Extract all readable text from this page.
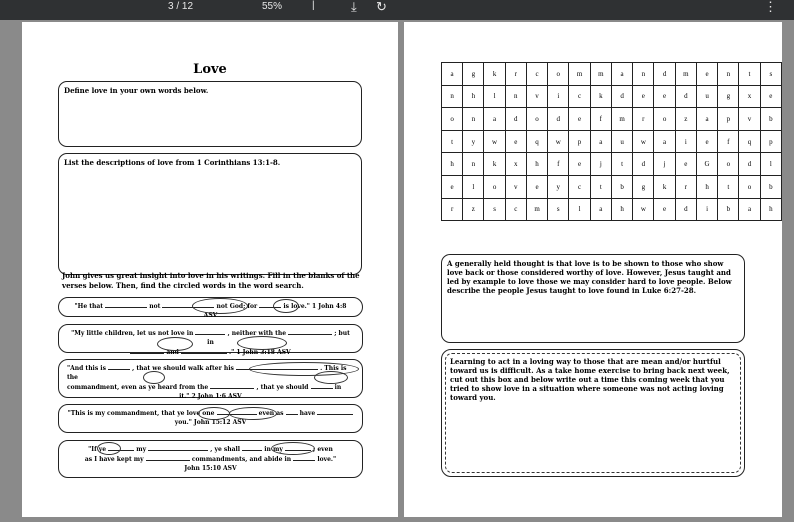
3 / 12	55%	|	⤓ ↻	⋮
Love
Define love in your own words below.
List the descriptions of love from 1 Corinthians 13:1-8.
John gives us great insight into love in his writings. Fill in the blanks of the verses below. Then, find the circled words in the word search.
"He that	not	not God; for	is love." 1 John 4:8 ASV
"My little children, let us not love in	, neither with the	; but in
and	." 1 John 3:18 ASV
"And this is	, that we should walk after his	. This is the
commandment, even as ye heard from the	, that ye should	in
it." 2 John 1:6 ASV
"This is my commandment, that ye love one	even as	have
you." John 15:12 ASV
"If ye	my	, ye shall	in my	; even
as I have kept my	commandments, and abide in	love."
John 15:10 ASV
a	g	k	r	c	o	m	m	a	n	d	m	e	n	t	s
n	h	l	n	v	i	c	k	d	e	e	d	u	g	x	e
o	n	a	d	o	d	e	f	m	r	o	z	a	p	v	b
t	y	w	e	q	w	p	a	u	w	a	i	e	f	q	p
h	n	k	x	h	f	e	j	t	d	j	e	G	o	d	l
e	l	o	v	e	y	c	t	b	g	k	r	h	t	o	b
r	z	s	c	m	s	l	a	h	w	e	d	i	b	a	h
A generally held thought is that love is to be shown to those who show love back or those considered worthy of love. However, Jesus taught and led by example to love those we may consider hard to love people. Below describe the people Jesus taught to love found in Luke 6:27-28.
Learning to act in a loving way to those that are mean and/or hurtful toward us is difficult. As a take home exercise to bring back next week, cut out this box and below write out a time this coming week that you tried to show love in a situation where someone was not acting loving toward you.
